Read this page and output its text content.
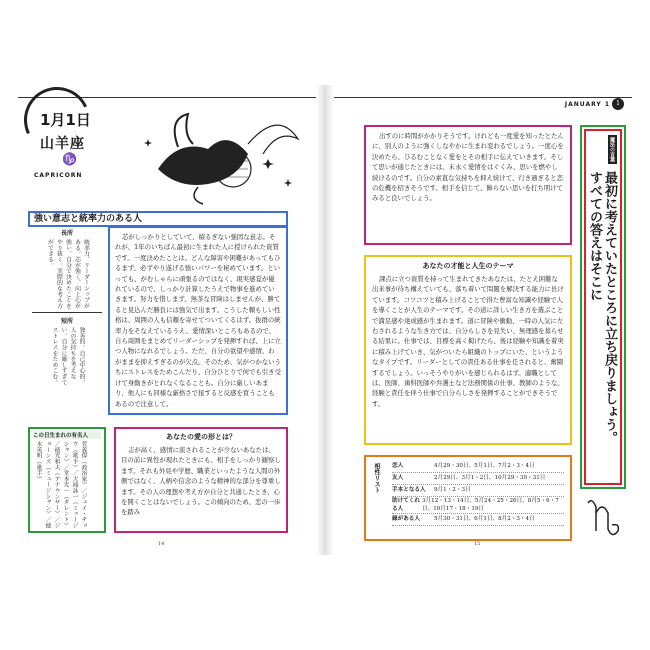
1月1日
山羊座
♑
CAPRICORN
強い意志と統率力のある人

芯がしっかりとしていて、積るぎない強固な意志。それが、1年のいちばん最初に生まれた人に授けられた資質です。一度決めたことは、どんな障害や困難があってもひるまず、必ずやり遂げる強いパワーを秘めています。といっても、がむしゃらに頑張るのではなく、現実感覚が優れているので、しっかり計算したうえで物事を進めていきます。努力を惜しまず、無茶な冒険はしませんが、勝てると見込んだ勝負には強気で出ます。こうした頼もしい性格は、周囲の人も信頼を寄せてついてくるはず。抜群の統率力をそなえているうえ、愛情深いところもあるので、自ら周囲をまとめてリーダーシップを発揮すれば、上に立つ人物になれるでしょう。ただ、自分の欲望や感情、わがままを抑えすぎるのが欠点。そのため、気がつかないうちにストレスをためこんだり、自分ひとりで何でも引き受けて身動きがとれなくなることも。自分に厳しいあまり、他人にも同様な厳格さで接すると反感を買うこともあるので注意して。

長所
統率力、リーダーシップがある。芯が強く、向上心が強い。自分で決めたことをやり抜く。実際的な考え方ができる。
短所
独善的。自己中心的。人の気持ちを考えない。自分に厳しすぎてストレスをためこむ。
この日生まれの有名人
菅義偉（政治家）／ジェイ・チョウ（歌手）／大滝詠一（ミュージシャン）／堂本光一（タレント）／徳光和夫（アナウンサー）／ジョーンズ（ミュージシャン）／徳永英明（歌手）
あなたの愛の形とは？

志が高く、感情に流されることが少ないあなたは、目の前に異性が現れたときにも、相手をしっかり観察します。それも外見や学歴、職業といったような人間の外側ではなく、人柄や信念のような精神的な部分を尊重します。その人の理想や考え方が自分と共通したとき、心を開くことはないでしょう。この傾向のため、恋の一歩を踏み

14
JANUARY 1	1

出すのに時間がかかりそうです。けれども一度愛を知ったとたんに、別人のように強くしなやかに生まれ変わるでしょう。一度心を決めたら、ひるむことなく愛をとその相手に伝えていきます。そして思いが通じたときには、末永く愛情をはぐくみ、思いを燃やし続けるのです。自分の素直な気持ちを抑え続けて、行き過ぎると恋の危機を招きそうです。相手を信じて、飾らない思いを打ち明けてみると良いでしょう。

あなたの才能と人生のテーマ

課点に立つ資質を持って生まれてきたあなたは、たとえ困難な出来事が待ち構えていても、落ち着いて問題を解決する能力に長けています。コツコツと積み上げることで得た豊富な知識や経験で人を導くことが人生のテーマです。その道に詳しい生き方を選ぶことで満足感や達成感が生まれます。道に冒険や衝動、一時の人気に左右されるような生き方では、自分らしさを見失い、無理感を募らせる結果に。仕事では、目標を高く掲げたら、後は経験や知識を着実に積み上げていき、気がついたら組織のトップにいた、というようなタイプです。リーダーとしての責任ある仕事を任されると、奮闘するでしょう。いっそうやりがいを感じられるはず。適職としては、医師、歯科医師や弁護士など法務関係の仕事、教師のような、経験と責任を伴う仕事で自分らしさを発揮することができそうです。

相性リスト 恋人	4月29・30日、5月1日、7月2・3・4日
友人	2月29日、3月1・2日、10月29・30・31日
手本となる人	9月1・2・3日
助けてくれる人
3月12・13・14日、5月24・25・26日、8月5・6・7日、10月17・18・19日
縁がある人	5月30・31日、6月1日、8月2・3・4日
魔法の言葉
最初に考えていたところに立ち戻りましょう。
すべての答えはそこに
15
